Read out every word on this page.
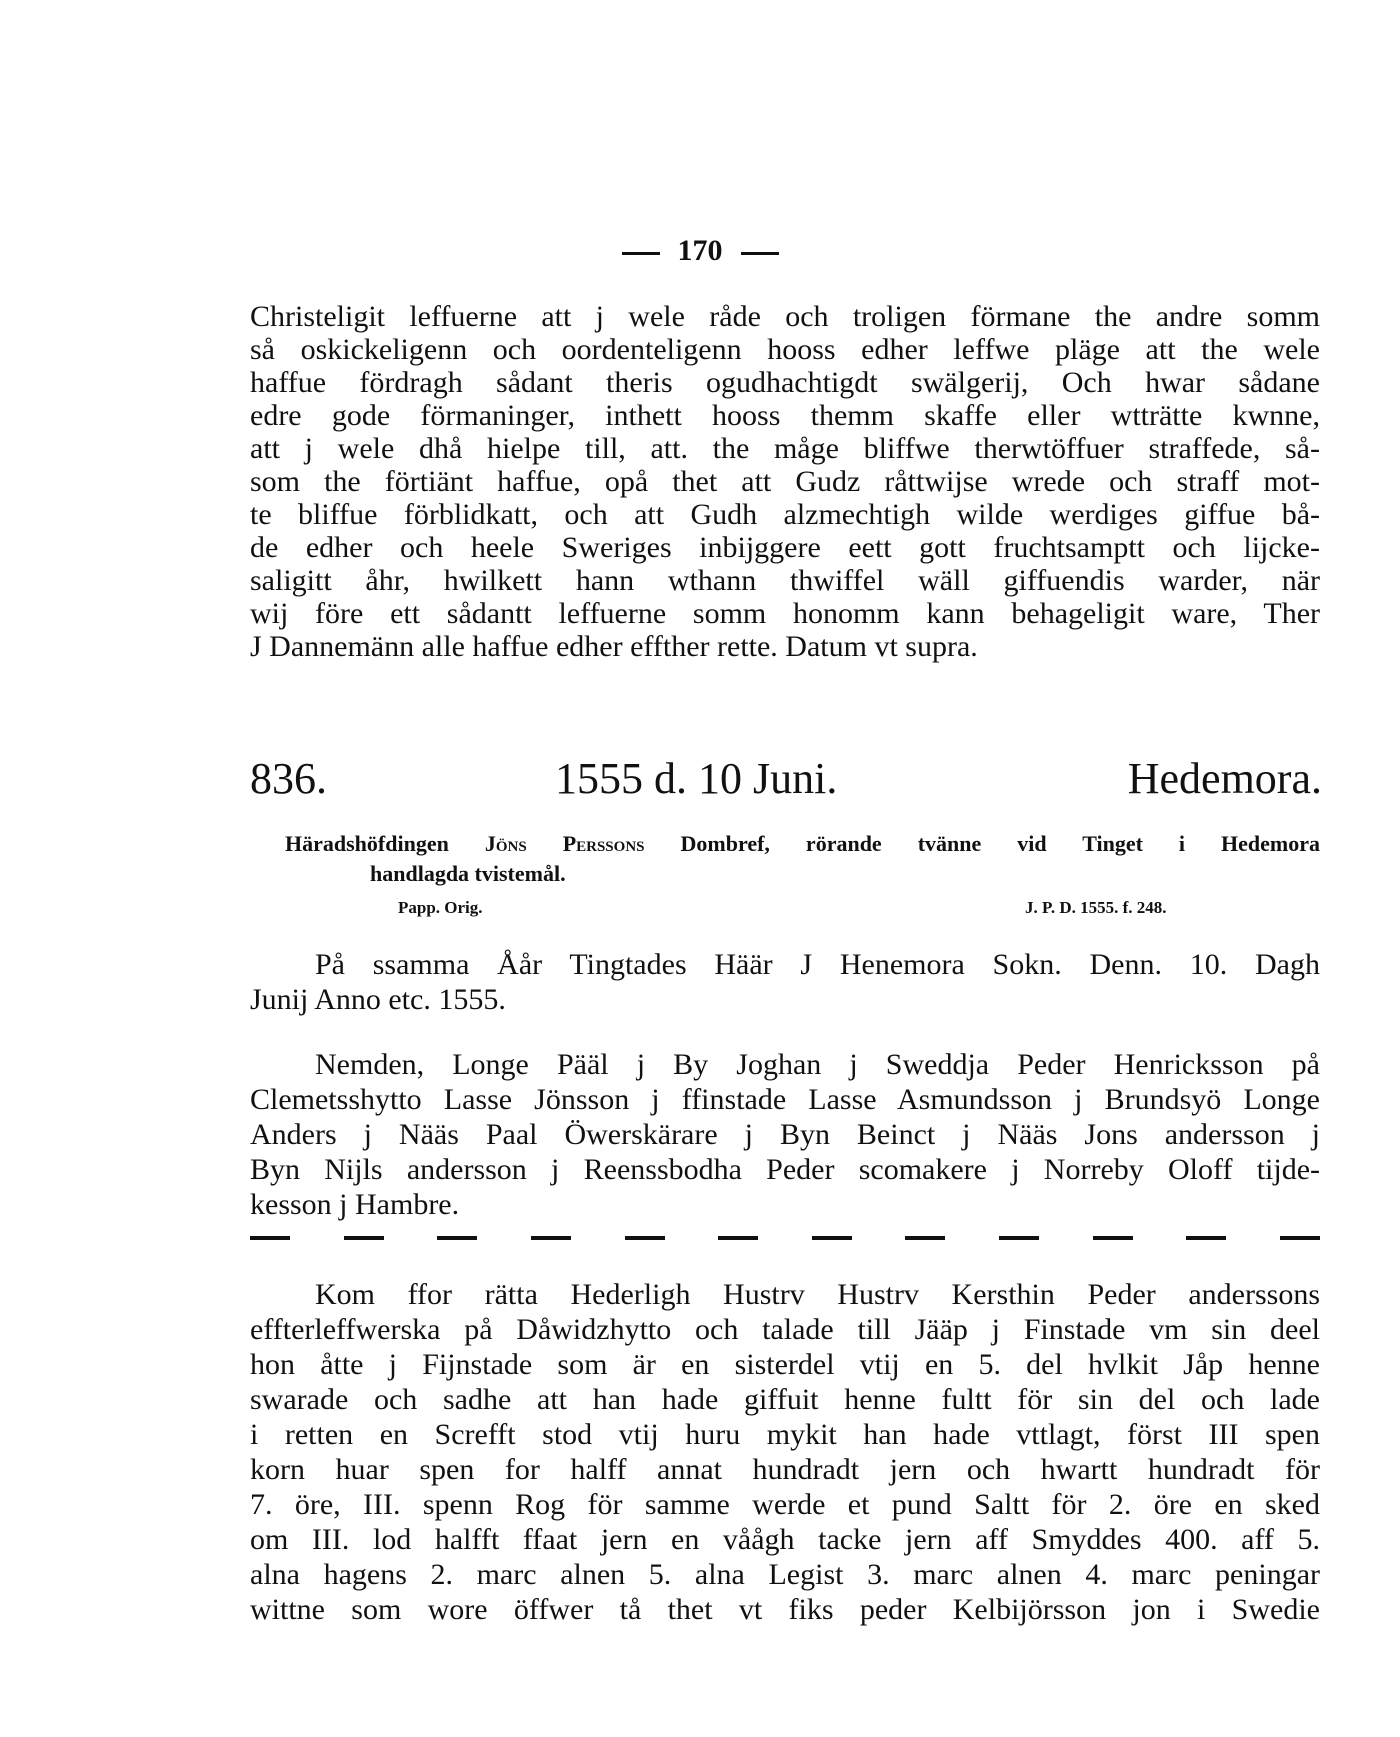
170
Christeligit leffuerne att j wele råde och troligen förmane the andre somm
så oskickeligenn och oordenteligenn hooss edher leffwe pläge att the wele
haffue fördragh sådant theris ogudhachtigdt swälgerij, Och hwar sådane
edre gode förmaninger, inthett hooss themm skaffe eller wtträtte kwnne,
att j wele dhå hielpe till, att. the måge bliffwe therwtöffuer straffede, så-
som the förtiänt haffue, opå thet att Gudz råttwijse wrede och straff mot-
te bliffue förblidkatt, och att Gudh alzmechtigh wilde werdiges giffue bå-
de edher och heele Sweriges inbijggere eett gott fruchtsamptt och lijcke-
saligitt åhr, hwilkett hann wthann thwiffel wäll giffuendis warder, när
wij före ett sådantt leffuerne somm honomm kann behageligit ware, Ther
J Dannemänn alle haffue edher effther rette. Datum vt supra.
836.	1555 d. 10 Juni.	Hedemora.
Häradshöfdingen Jöns Perssons Dombref, rörande tvänne vid Tinget i Hedemora
handlagda tvistemål.
Papp. Orig.	J. P. D. 1555. f. 248.
På ssamma Åår Tingtades Häär J Henemora Sokn. Denn. 10. Dagh
Junij Anno etc. 1555.
Nemden, Longe Pääl j By Joghan j Sweddja Peder Henricksson på
Clemetsshytto Lasse Jönsson j ffinstade Lasse Asmundsson j Brundsyö Longe
Anders j Nääs Paal Öwerskärare j Byn Beinct j Nääs Jons andersson j
Byn Nijls andersson j Reenssbodha Peder scomakere j Norreby Oloff tijde-
kesson j Hambre.
Kom ffor rätta Hederligh Hustrv Hustrv Kersthin Peder anderssons
effterleffwerska på Dåwidzhytto och talade till Jääp j Finstade vm sin deel
hon åtte j Fijnstade som är en sisterdel vtij en 5. del hvlkit Jåp henne
swarade och sadhe att han hade giffuit henne fultt för sin del och lade
i retten en Screfft stod vtij huru mykit han hade vttlagt, först III spen
korn huar spen for halff annat hundradt jern och hwartt hundradt för
7. öre, III. spenn Rog för samme werde et pund Saltt för 2. öre en sked
om III. lod halfft ffaat jern en våågh tacke jern aff Smyddes 400. aff 5.
alna hagens 2. marc alnen 5. alna Legist 3. marc alnen 4. marc peningar
wittne som wore öffwer tå thet vt fiks peder Kelbijörsson jon i Swedie
